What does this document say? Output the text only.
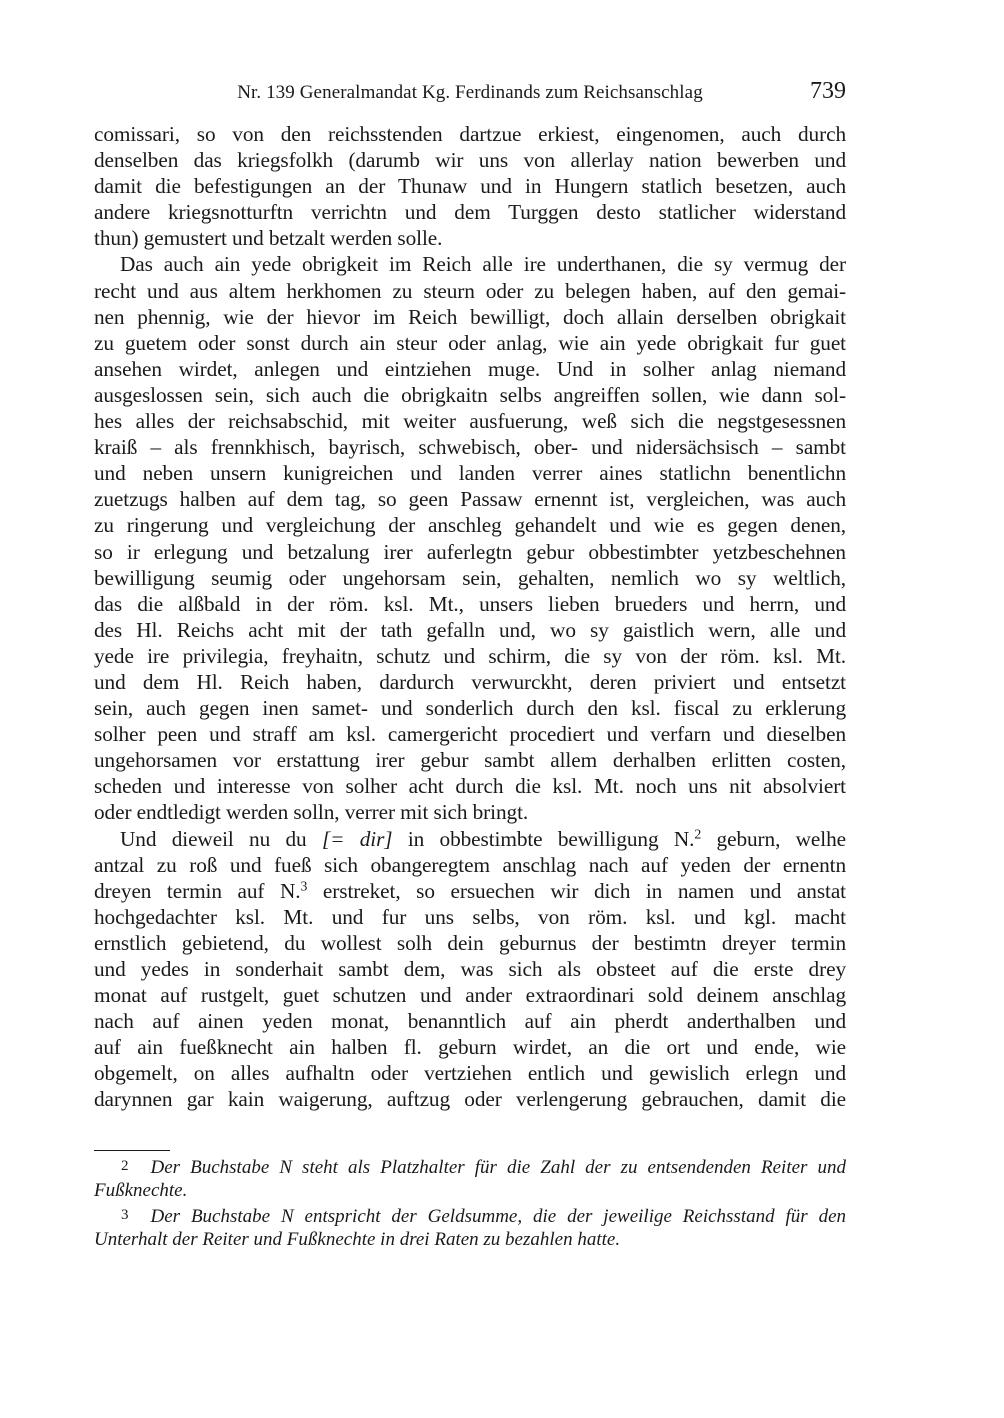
Nr. 139 Generalmandat Kg. Ferdinands zum Reichsanschlag	739
comissari, so von den reichsstenden dartzue erkiest, eingenomen, auch durch
denselben das kriegsfolkh (darumb wir uns von allerlay nation bewerben und
damit die befestigungen an der Thunaw und in Hungern statlich besetzen, auch
andere kriegsnotturftn verrichtn und dem Turggen desto statlicher widerstand
thun) gemustert und betzalt werden solle.
Das auch ain yede obrigkeit im Reich alle ire underthanen, die sy vermug der
recht und aus altem herkhomen zu steurn oder zu belegen haben, auf den gemai-
nen phennig, wie der hievor im Reich bewilligt, doch allain derselben obrigkait
zu guetem oder sonst durch ain steur oder anlag, wie ain yede obrigkait fur guet
ansehen wirdet, anlegen und eintziehen muge. Und in solher anlag niemand
ausgeslossen sein, sich auch die obrigkaitn selbs angreiffen sollen, wie dann sol-
hes alles der reichsabschid, mit weiter ausfuerung, weß sich die negstgesessnen
kraiß – als frennkhisch, bayrisch, schwebisch, ober- und nidersächsisch – sambt
und neben unsern kunigreichen und landen verrer aines statlichn benentlichn
zuetzugs halben auf dem tag, so geen Passaw ernennt ist, vergleichen, was auch
zu ringerung und vergleichung der anschleg gehandelt und wie es gegen denen,
so ir erlegung und betzalung irer auferlegtn gebur obbestimbter yetzbeschehnen
bewilligung seumig oder ungehorsam sein, gehalten, nemlich wo sy weltlich,
das die alßbald in der röm. ksl. Mt., unsers lieben brueders und herrn, und
des Hl. Reichs acht mit der tath gefalln und, wo sy gaistlich wern, alle und
yede ire privilegia, freyhaitn, schutz und schirm, die sy von der röm. ksl. Mt.
und dem Hl. Reich haben, dardurch verwurckht, deren priviert und entsetzt
sein, auch gegen inen samet- und sonderlich durch den ksl. fiscal zu erklerung
solher peen und straff am ksl. camergericht procediert und verfarn und dieselben
ungehorsamen vor erstattung irer gebur sambt allem derhalben erlitten costen,
scheden und interesse von solher acht durch die ksl. Mt. noch uns nit absolviert
oder endtledigt werden solln, verrer mit sich bringt.
Und dieweil nu du [= dir] in obbestimbte bewilligung N.$^2$ geburn, welhe
antzal zu roß und fueß sich obangeregtem anschlag nach auf yeden der ernentn
dreyen termin auf N.$^3$ erstreket, so ersuechen wir dich in namen und anstat
hochgedachter ksl. Mt. und fur uns selbs, von röm. ksl. und kgl. macht
ernstlich gebietend, du wollest solh dein geburnus der bestimtn dreyer termin
und yedes in sonderhait sambt dem, was sich als obsteet auf die erste drey
monat auf rustgelt, guet schutzen und ander extraordinari sold deinem anschlag
nach auf ainen yeden monat, benanntlich auf ain pherdt anderthalben und
auf ain fueßknecht ain halben fl. geburn wirdet, an die ort und ende, wie
obgemelt, on alles aufhaltn oder vertziehen entlich und gewislich erlegn und
darynnen gar kain waigerung, auftzug oder verlengerung gebrauchen, damit die
2 Der Buchstabe N steht als Platzhalter für die Zahl der zu entsendenden Reiter und
Fußknechte.
3 Der Buchstabe N entspricht der Geldsumme, die der jeweilige Reichsstand für den
Unterhalt der Reiter und Fußknechte in drei Raten zu bezahlen hatte.
